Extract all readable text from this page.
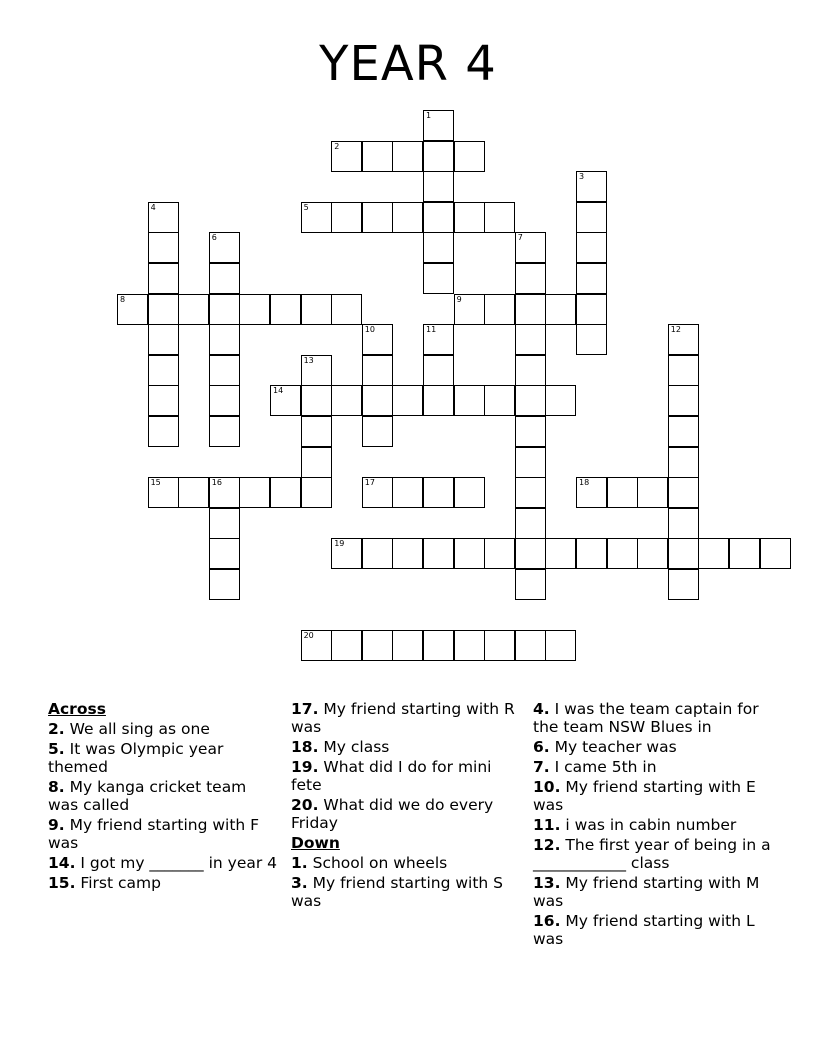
YEAR 4
1
2
3
4	5
6	7
8	9
10	11	12
13
14
15	16	17	18
19
20
Across
2. We all sing as one
5. It was Olympic year themed
8. My kanga cricket team was called
9. My friend starting with F was
14. I got my _______ in year 4
15. First camp
17. My friend starting with R was
18. My class
19. What did I do for mini fete
20. What did we do every Friday
Down
1. School on wheels
3. My friend starting with S was
4. I was the team captain for the team NSW Blues in
6. My teacher was
7. I came 5th in
10. My friend starting with E was
11. i was in cabin number
12. The first year of being in a ____________ class
13. My friend starting with M was
16. My friend starting with L was
